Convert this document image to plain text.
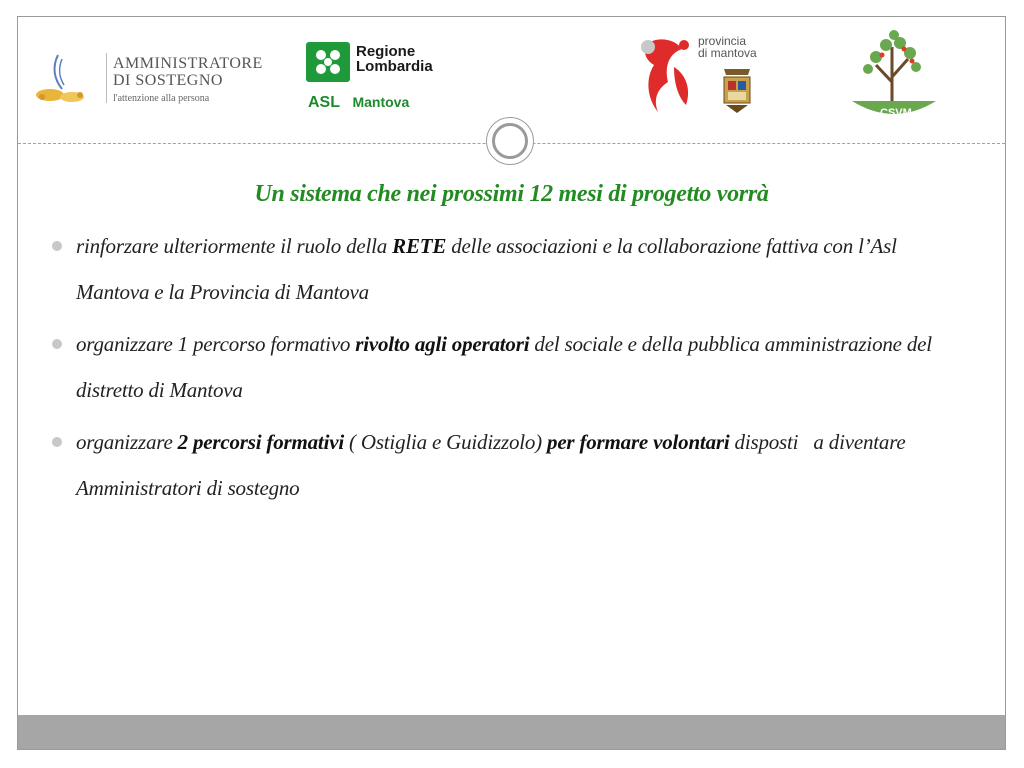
AMMINISTRATORE
DI SOSTEGNO
l'attenzione alla persona
Regione
Lombardia
ASL Mantova
provincia
di mantova
CSVM
Un sistema che nei prossimi 12 mesi di progetto vorrà
rinforzare ulteriormente il ruolo della RETE delle associazioni e la collaborazione fattiva con l’Asl Mantova e la Provincia di Mantova
organizzare 1 percorso formativo rivolto agli operatori del sociale e della pubblica amministrazione del distretto di Mantova
organizzare 2 percorsi formativi ( Ostiglia e Guidizzolo) per formare volontari disposti   a diventare Amministratori di sostegno
